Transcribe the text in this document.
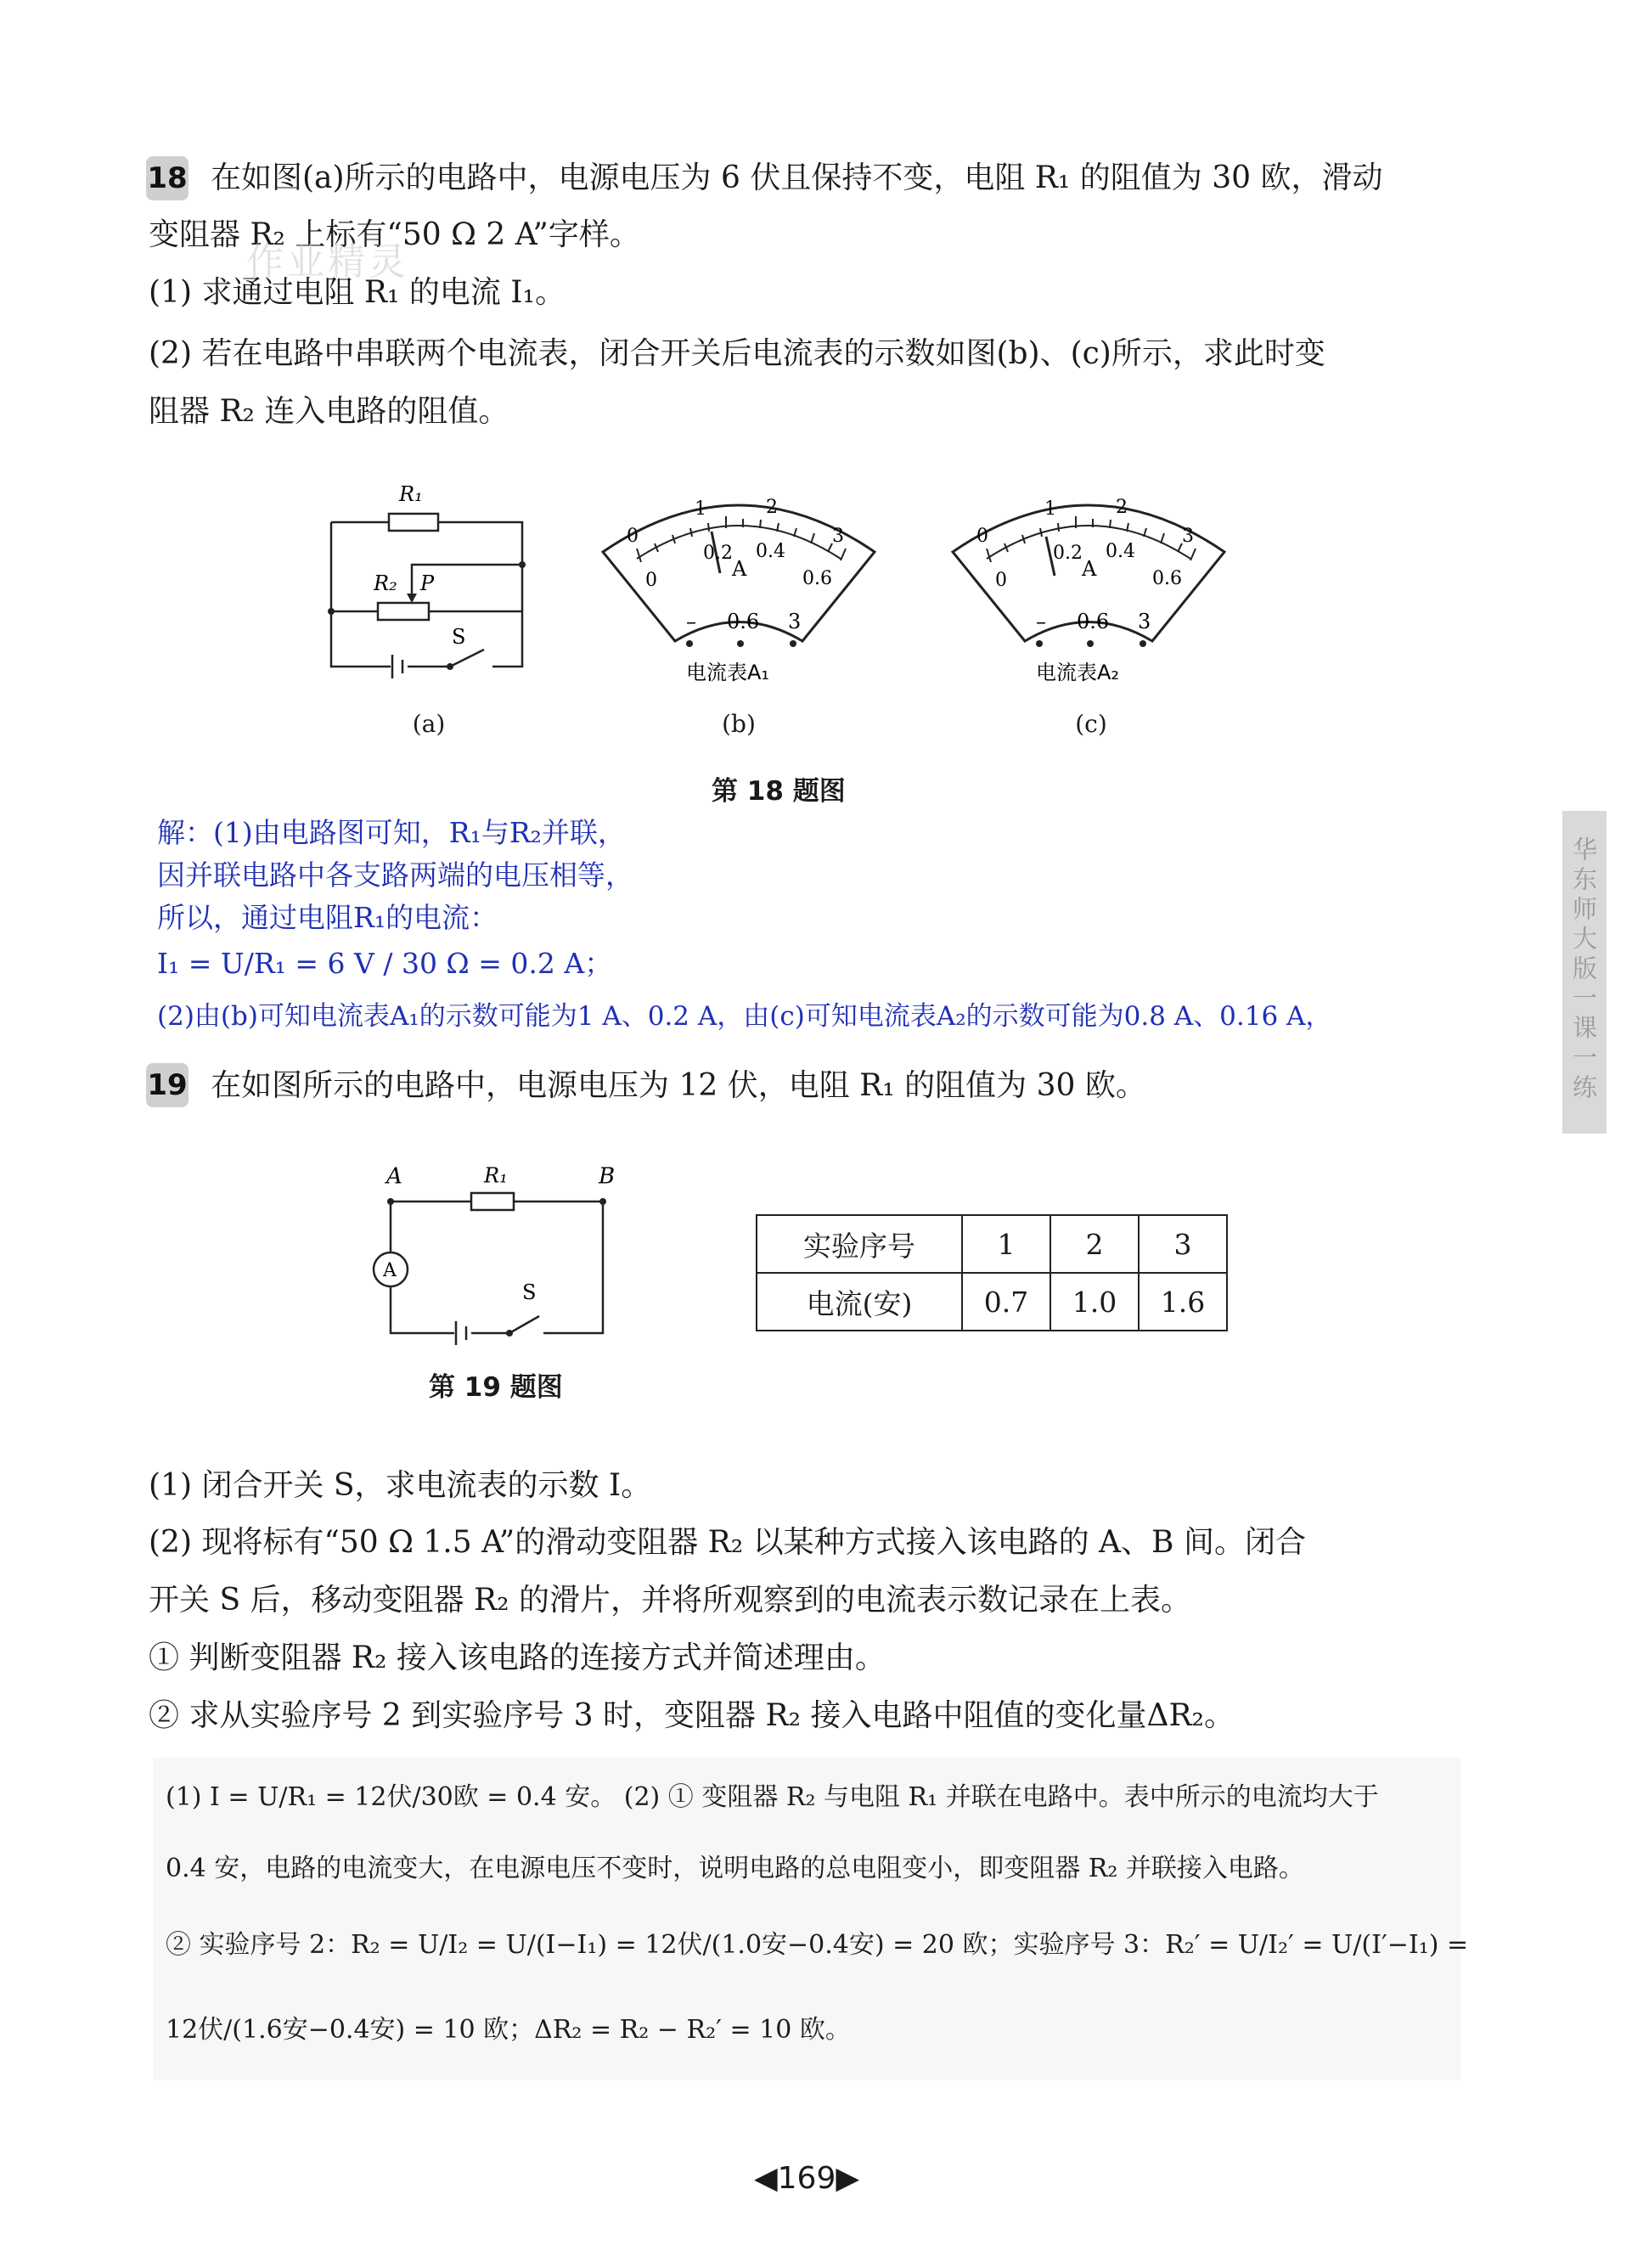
18 在如图(a)所示的电路中，电源电压为 6 伏且保持不变，电阻 R₁ 的阻值为 30 欧，滑动
变阻器 R₂ 上标有“50 Ω 2 A”字样。
(1) 求通过电阻 R₁ 的电流 I₁。
(2) 若在电路中串联两个电流表，闭合开关后电流表的示数如图(b)、(c)所示，求此时变
阻器 R₂ 连入电路的阻值。
作业精灵
R₁
R₂ P
S
0
1	2
3
0
0.2 0.4
0.6
A
– 0.6 3
电流表A₁
0
1	2
3
0
0.2 0.4
0.6
A
– 0.6 3
电流表A₂
(a)	(b)	(c)
第 18 题图
解：(1)由电路图可知，R₁与R₂并联，
因并联电路中各支路两端的电压相等，
所以，通过电阻R₁的电流：
I₁ = U/R₁ = 6 V / 30 Ω = 0.2 A；
(2)由(b)可知电流表A₁的示数可能为1 A、0.2 A，由(c)可知电流表A₂的示数可能为0.8 A、0.16 A，	华东师大版一课一练
19 在如图所示的电路中，电源电压为 12 伏，电阻 R₁ 的阻值为 30 欧。
A	B
R₁
A
S
第 19 题图
实验序号	1	2	3
电流(安)	0.7	1.0	1.6
(1) 闭合开关 S，求电流表的示数 I。
(2) 现将标有“50 Ω 1.5 A”的滑动变阻器 R₂ 以某种方式接入该电路的 A、B 间。闭合
开关 S 后，移动变阻器 R₂ 的滑片，并将所观察到的电流表示数记录在上表。
① 判断变阻器 R₂ 接入该电路的连接方式并简述理由。
② 求从实验序号 2 到实验序号 3 时，变阻器 R₂ 接入电路中阻值的变化量ΔR₂。
(1) I = U/R₁ = 12伏/30欧 = 0.4 安。 (2) ① 变阻器 R₂ 与电阻 R₁ 并联在电路中。表中所示的电流均大于
0.4 安，电路的电流变大，在电源电压不变时，说明电路的总电阻变小，即变阻器 R₂ 并联接入电路。
② 实验序号 2：R₂ = U/I₂ = U/(I−I₁) = 12伏/(1.0安−0.4安) = 20 欧；实验序号 3：R₂′ = U/I₂′ = U/(I′−I₁) =
12伏/(1.6安−0.4安) = 10 欧；ΔR₂ = R₂ − R₂′ = 10 欧。
◀169▶
